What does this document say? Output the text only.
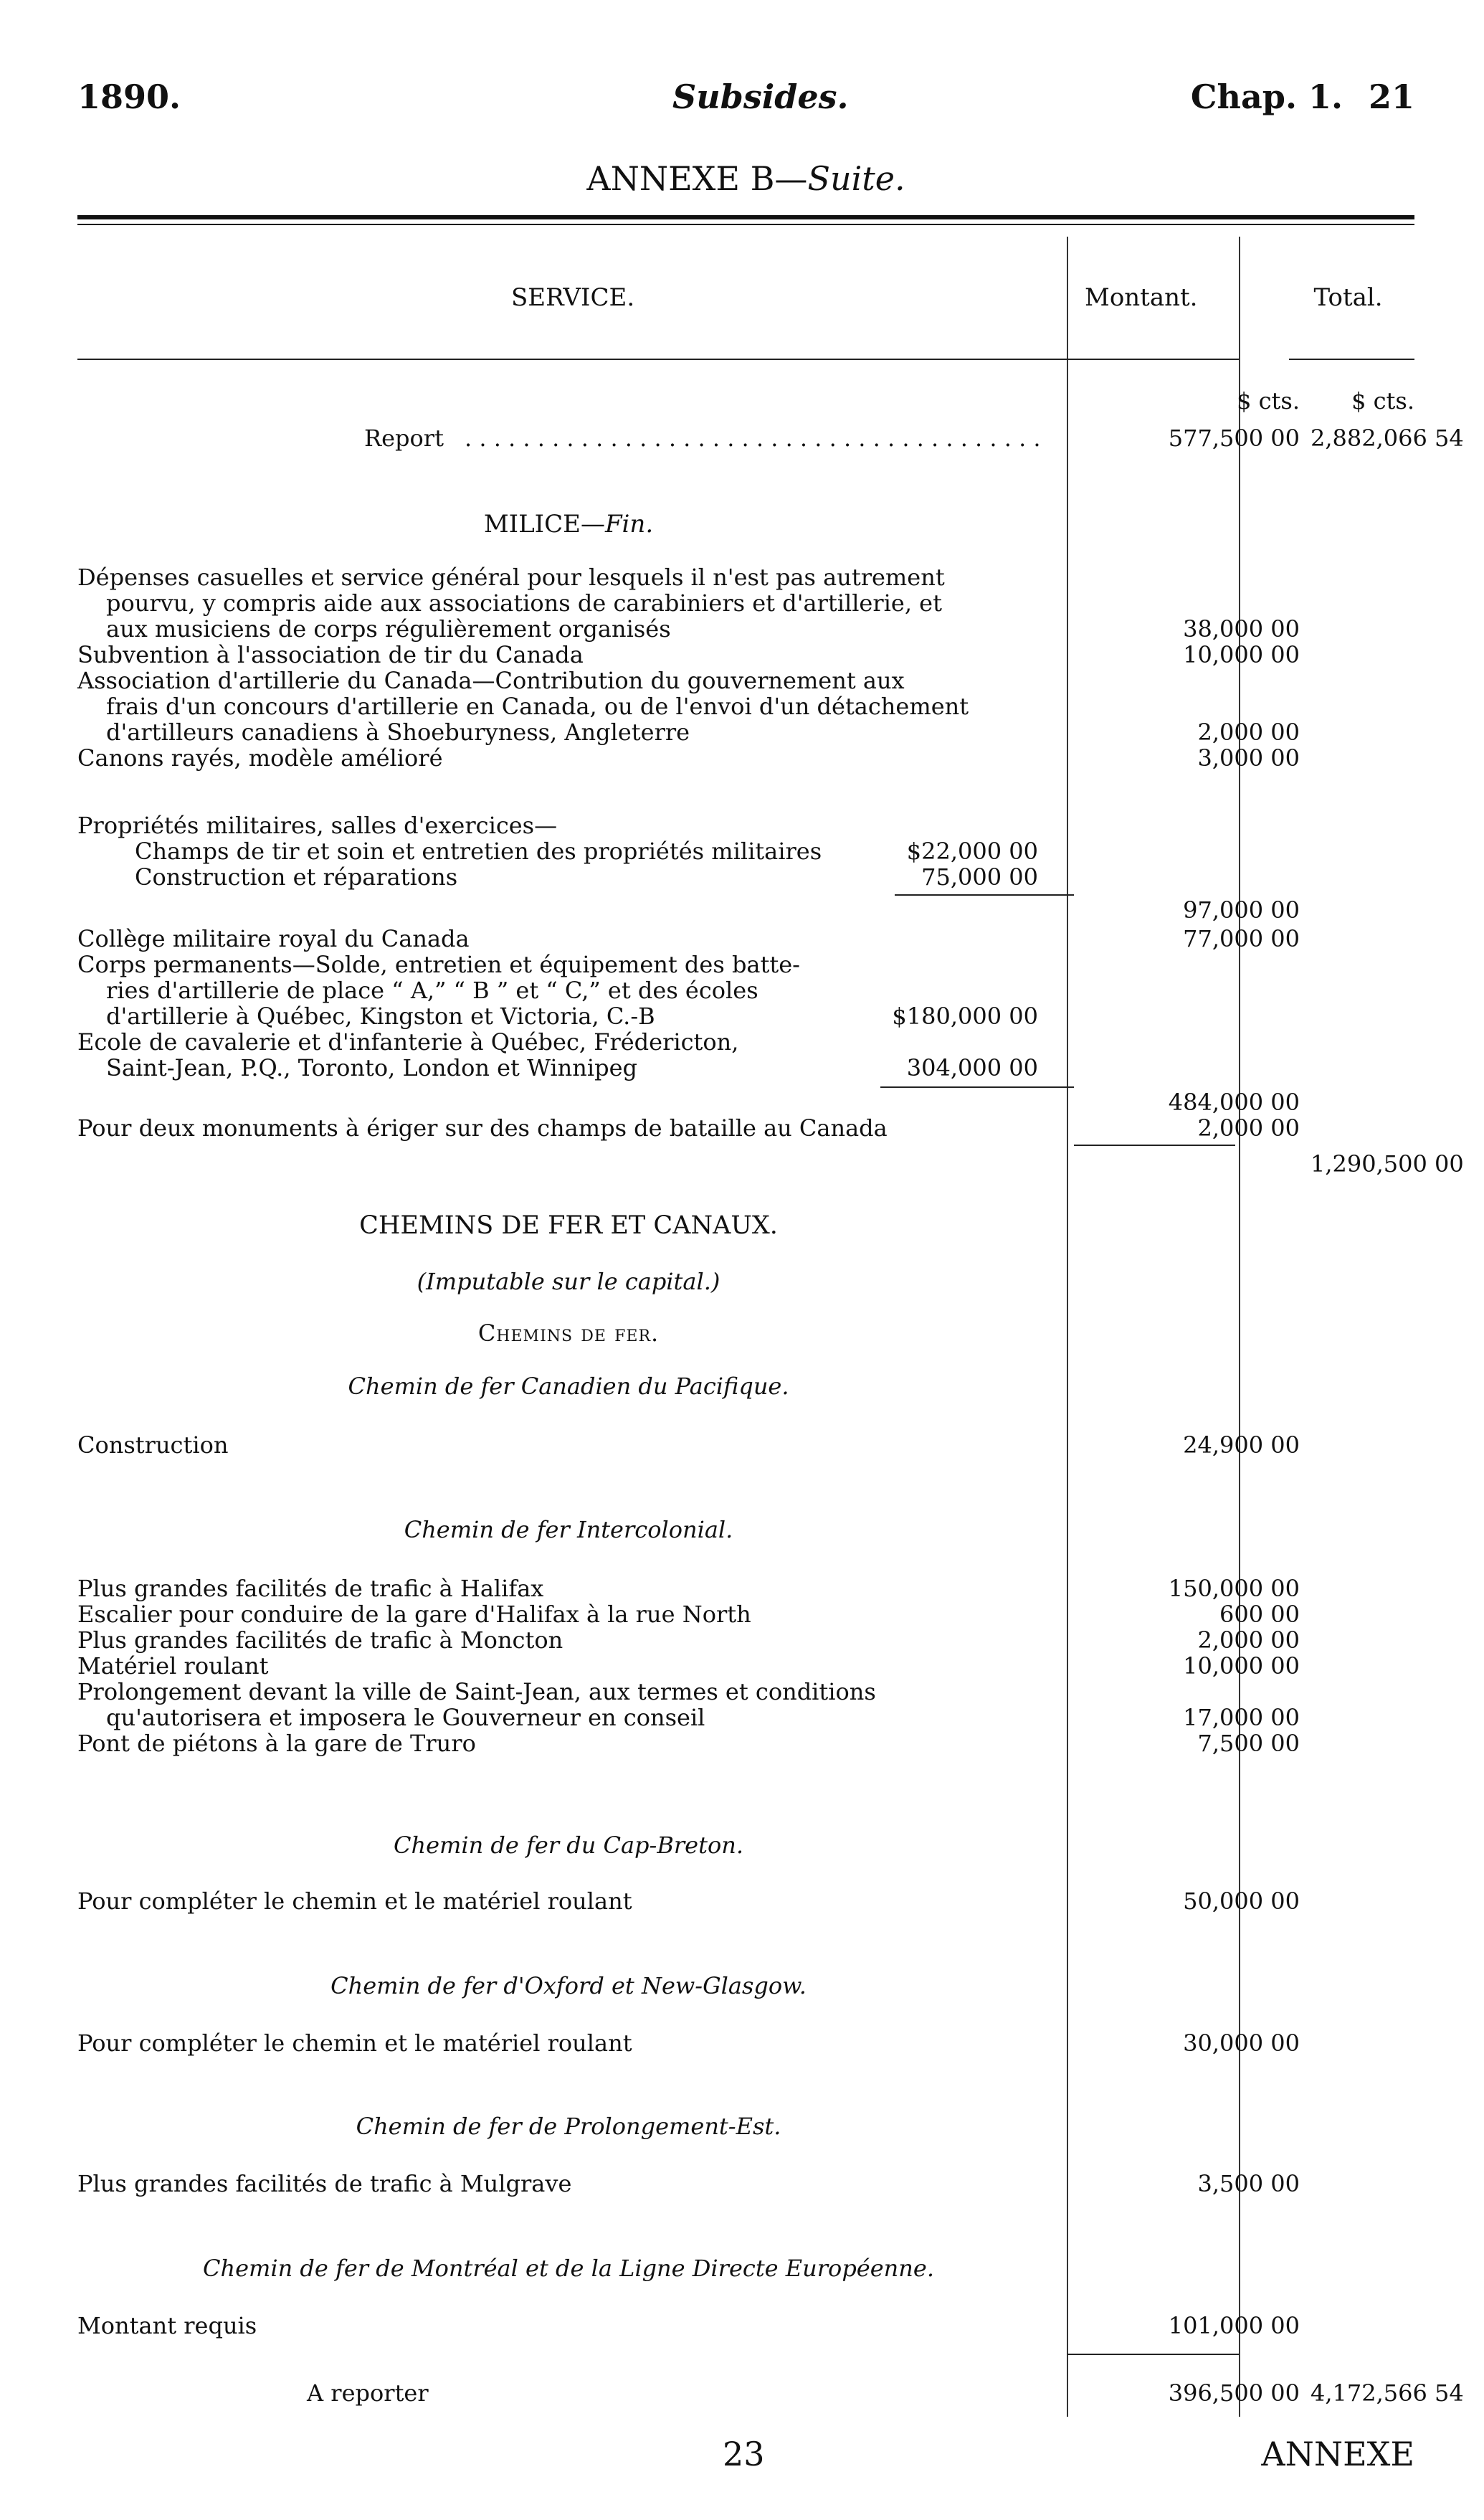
1890.	Subsides.	Chap. 1. 21
ANNEXE B—Suite.
SERVICE.	Montant.	Total.
$ cts.	$ cts.
Report . . . . . . . . . . . . . . . . . . . . . . . . . . . . . . . . . . . . . . . .	577,500 00 2,882,066 54
MILICE—Fin.
Dépenses casuelles et service général pour lesquels il n'est pas autrement
pourvu, y compris aide aux associations de carabiniers et d'artillerie, et
aux musiciens de corps régulièrement organisés	38,000 00
Subvention à l'association de tir du Canada	10,000 00
Association d'artillerie du Canada—Contribution du gouvernement aux
frais d'un concours d'artillerie en Canada, ou de l'envoi d'un détachement
d'artilleurs canadiens à Shoeburyness, Angleterre	2,000 00
Canons rayés, modèle amélioré	3,000 00
Propriétés militaires, salles d'exercices—
Champs de tir et soin et entretien des propriétés militaires	$22,000 00
Construction et réparations	75,000 00
97,000 00
Collège militaire royal du Canada	77,000 00
Corps permanents—Solde, entretien et équipement des batte-
ries d'artillerie de place “ A,” “ B ” et “ C,” et des écoles
d'artillerie à Québec, Kingston et Victoria, C.-B	$180,000 00
Ecole de cavalerie et d'infanterie à Québec, Frédericton,
Saint-Jean, P.Q., Toronto, London et Winnipeg	304,000 00
484,000 00
Pour deux monuments à ériger sur des champs de bataille au Canada	2,000 00
1,290,500 00
CHEMINS DE FER ET CANAUX.
(Imputable sur le capital.)
Chemins de fer.
Chemin de fer Canadien du Pacifique.
Construction	24,900 00
Chemin de fer Intercolonial.
Plus grandes facilités de trafic à Halifax	150,000 00
Escalier pour conduire de la gare d'Halifax à la rue North	600 00
Plus grandes facilités de trafic à Moncton	2,000 00
Matériel roulant	10,000 00
Prolongement devant la ville de Saint-Jean, aux termes et conditions
qu'autorisera et imposera le Gouverneur en conseil	17,000 00
Pont de piétons à la gare de Truro	7,500 00
Chemin de fer du Cap-Breton.
Pour compléter le chemin et le matériel roulant	50,000 00
Chemin de fer d'Oxford et New-Glasgow.
Pour compléter le chemin et le matériel roulant	30,000 00
Chemin de fer de Prolongement-Est.
Plus grandes facilités de trafic à Mulgrave	3,500 00
Chemin de fer de Montréal et de la Ligne Directe Européenne.
Montant requis	101,000 00
A reporter	396,500 00 4,172,566 54
23	ANNEXE
